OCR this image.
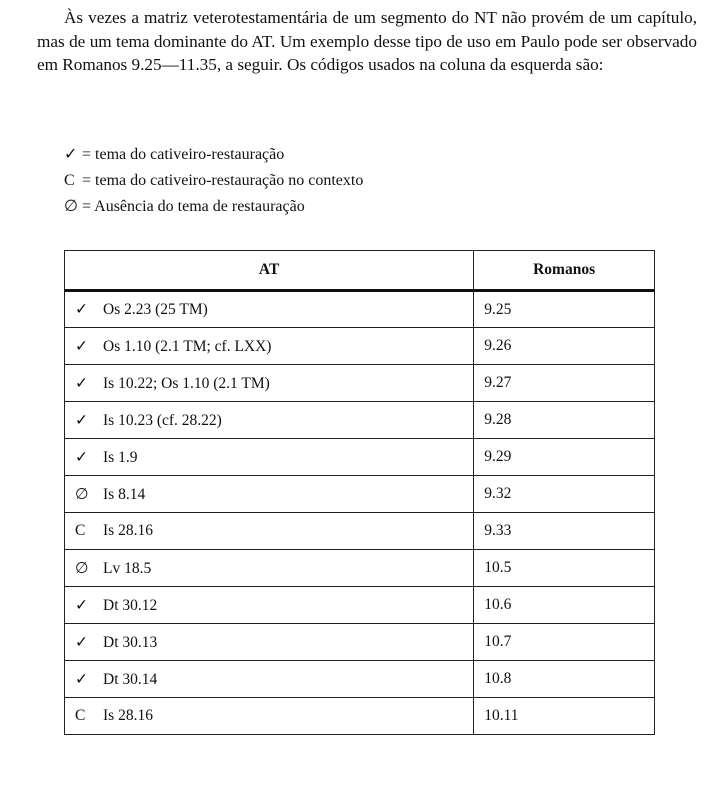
Às vezes a matriz veterotestamentária de um segmento do NT não provém de um capítulo, mas de um tema dominante do AT. Um exemplo desse tipo de uso em Paulo pode ser observado em Romanos 9.25—11.35, a seguir. Os códigos usados na coluna da esquerda são:

✓
= tema do cativeiro-restauração
C
= tema do cativeiro-restauração no contexto
∅
= Ausência do tema de restauração
AT	Romanos
✓ Os 2.23 (25 TM)	9.25
✓ Os 1.10 (2.1 TM; cf. LXX)	9.26
✓ Is 10.22; Os 1.10 (2.1 TM)	9.27
✓ Is 10.23 (cf. 28.22)	9.28
✓ Is 1.9	9.29
∅ Is 8.14	9.32
C Is 28.16	9.33
∅ Lv 18.5	10.5
✓ Dt 30.12	10.6
✓ Dt 30.13	10.7
✓ Dt 30.14	10.8
C Is 28.16	10.11
